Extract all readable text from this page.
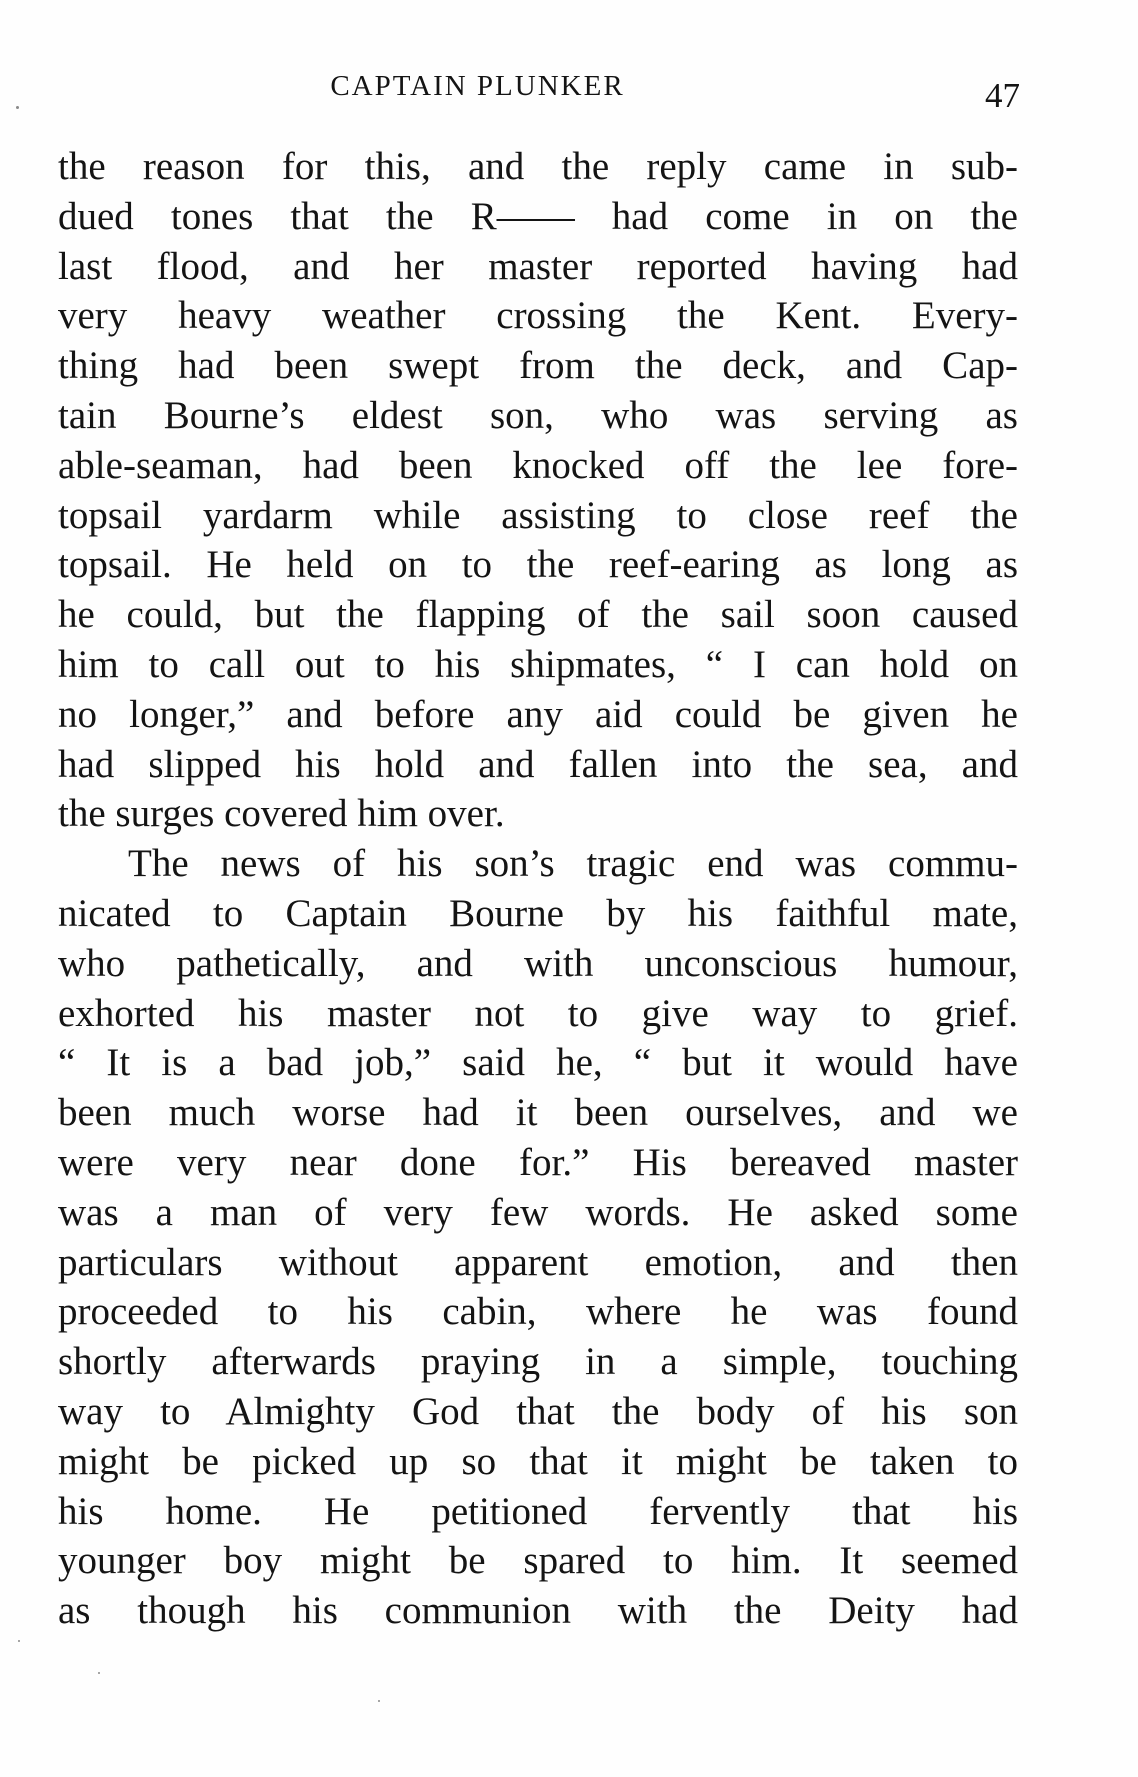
CAPTAIN PLUNKER	47
the reason for this, and the reply came in sub-
dued tones that the R—— had come in on the
last flood, and her master reported having had
very heavy weather crossing the Kent. Every-
thing had been swept from the deck, and Cap-
tain Bourne’s eldest son, who was serving as
able-seaman, had been knocked off the lee fore-
topsail yardarm while assisting to close reef the
topsail. He held on to the reef-earing as long as
he could, but the flapping of the sail soon caused
him to call out to his shipmates, “ I can hold on
no longer,” and before any aid could be given he
had slipped his hold and fallen into the sea, and
the surges covered him over.
The news of his son’s tragic end was commu-
nicated to Captain Bourne by his faithful mate,
who pathetically, and with unconscious humour,
exhorted his master not to give way to grief.
“ It is a bad job,” said he, “ but it would have
been much worse had it been ourselves, and we
were very near done for.” His bereaved master
was a man of very few words. He asked some
particulars without apparent emotion, and then
proceeded to his cabin, where he was found
shortly afterwards praying in a simple, touching
way to Almighty God that the body of his son
might be picked up so that it might be taken to
his home. He petitioned fervently that his
younger boy might be spared to him. It seemed
as though his communion with the Deity had
